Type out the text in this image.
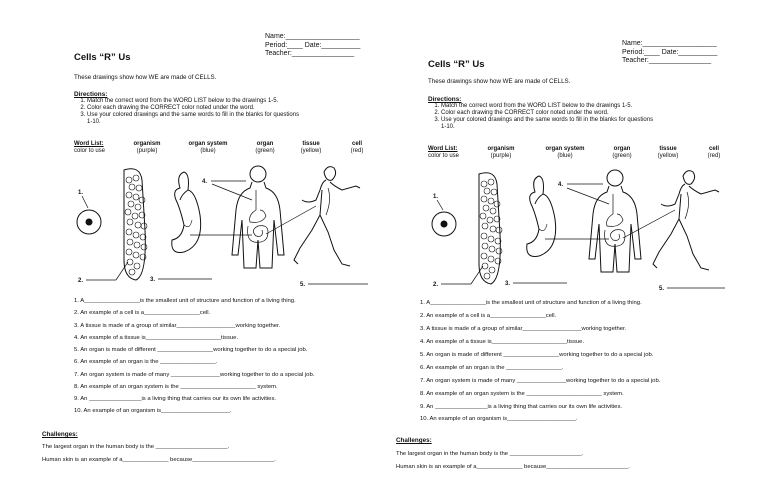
Name:___________________
Period:____ Date:__________
Teacher:________________
Cells “R” Us
These drawings show how WE are made of CELLS.
Directions:
1. Match the correct word from the WORD LIST below to the drawings 1-5.
2. Color each drawing the CORRECT color noted under the word.
3. Use your colored drawings and the same words to fill in the blanks for questions
1-10.
Word List:
color to use
organism
(purple)
organ system
(blue)
organ
(green)
tissue
(yellow)
cell
(red)
1.
2.	3.
4.
5.
1. A_________________is the smallest unit of structure and function of a living thing.
2. An example of a cell is a_________________cell.
3. A tissue is made of a group of similar__________________working together.
4. An example of a tissue is_______________________tissue.
5. An organ is made of different _________________working together to do a special job.
6. An example of an organ is the _________________.
7. An organ system is made of many _______________working together to do a special job.
8. An example of an organ system is the _______________________ system.
9. An ________________is a living thing that carries our its own life activities.
10. An example of an organism is_____________________.
Challenges:
The largest organ in the human body is the ______________________.
Human skin is an example of a______________ because_________________________.
Name:___________________
Period:____ Date:__________
Teacher:________________
Cells “R” Us
These drawings show how WE are made of CELLS.
Directions:
1. Match the correct word from the WORD LIST below to the drawings 1-5.
2. Color each drawing the CORRECT color noted under the word.
3. Use your colored drawings and the same words to fill in the blanks for questions
1-10.
Word List:
color to use
organism
(purple)
organ system
(blue)
organ
(green)
tissue
(yellow)
cell
(red)
1.
2.	3.
4.
5.
1. A_________________is the smallest unit of structure and function of a living thing.
2. An example of a cell is a_________________cell.
3. A tissue is made of a group of similar__________________working together.
4. An example of a tissue is_______________________tissue.
5. An organ is made of different _________________working together to do a special job.
6. An example of an organ is the _________________.
7. An organ system is made of many _______________working together to do a special job.
8. An example of an organ system is the _______________________ system.
9. An ________________is a living thing that carries our its own life activities.
10. An example of an organism is_____________________.
Challenges:
The largest organ in the human body is the ______________________.
Human skin is an example of a______________ because_________________________.
